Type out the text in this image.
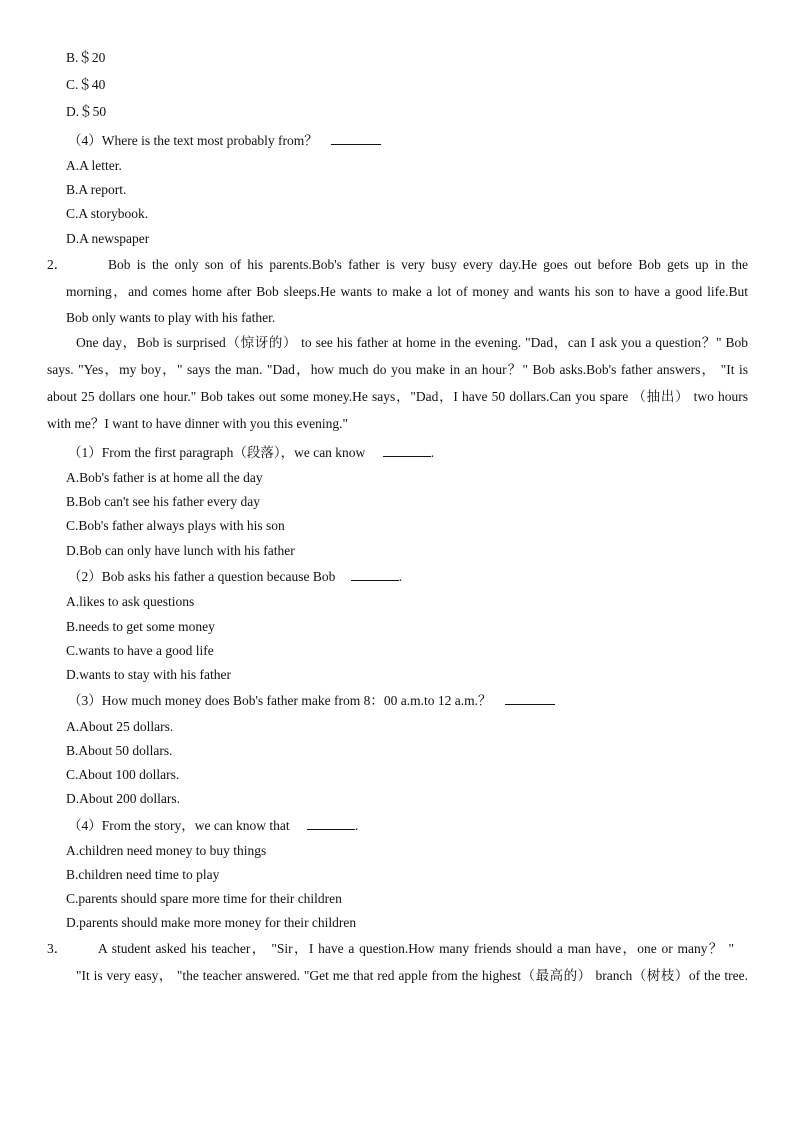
B.＄20
C.＄40
D.＄50
（4）Where is the text most probably from？
A.A letter.
B.A report.
C.A storybook.
D.A newspaper
2．	Bob is the only son of his parents.Bob's father is very busy every day.He goes out before Bob gets up in the
morning，and comes home after Bob sleeps.He wants to make a lot of money and wants his son to have a good life.But
Bob only wants to play with his father.
One day，Bob is surprised（惊讶的） to see his father at home in the evening. "Dad，can I ask you a question？" Bob
says. "Yes，my boy，" says the man. "Dad，how much do you make in an hour？" Bob asks.Bob's father answers， "It is
about 25 dollars one hour." Bob takes out some money.He says，"Dad，I have 50 dollars.Can you spare （抽出） two hours
with me？I want to have dinner with you this evening."
（1）From the first paragraph（段落），we can know	.
A.Bob's father is at home all the day
B.Bob can't see his father every day
C.Bob's father always plays with his son
D.Bob can only have lunch with his father
（2）Bob asks his father a question because Bob	.
A.likes to ask questions
B.needs to get some money
C.wants to have a good life
D.wants to stay with his father
（3）How much money does Bob's father make from 8：00 a.m.to 12 a.m.？
A.About 25 dollars.
B.About 50 dollars.
C.About 100 dollars.
D.About 200 dollars.
（4）From the story，we can know that	.
A.children need money to buy things
B.children need time to play
C.parents should spare more time for their children
D.parents should make more money for their children
3． A student asked his teacher， "Sir，I have a question.How many friends should a man have，one or many？ "
"It is very easy， "the teacher answered. "Get me that red apple from the highest（最高的） branch（树枝）of the tree.
